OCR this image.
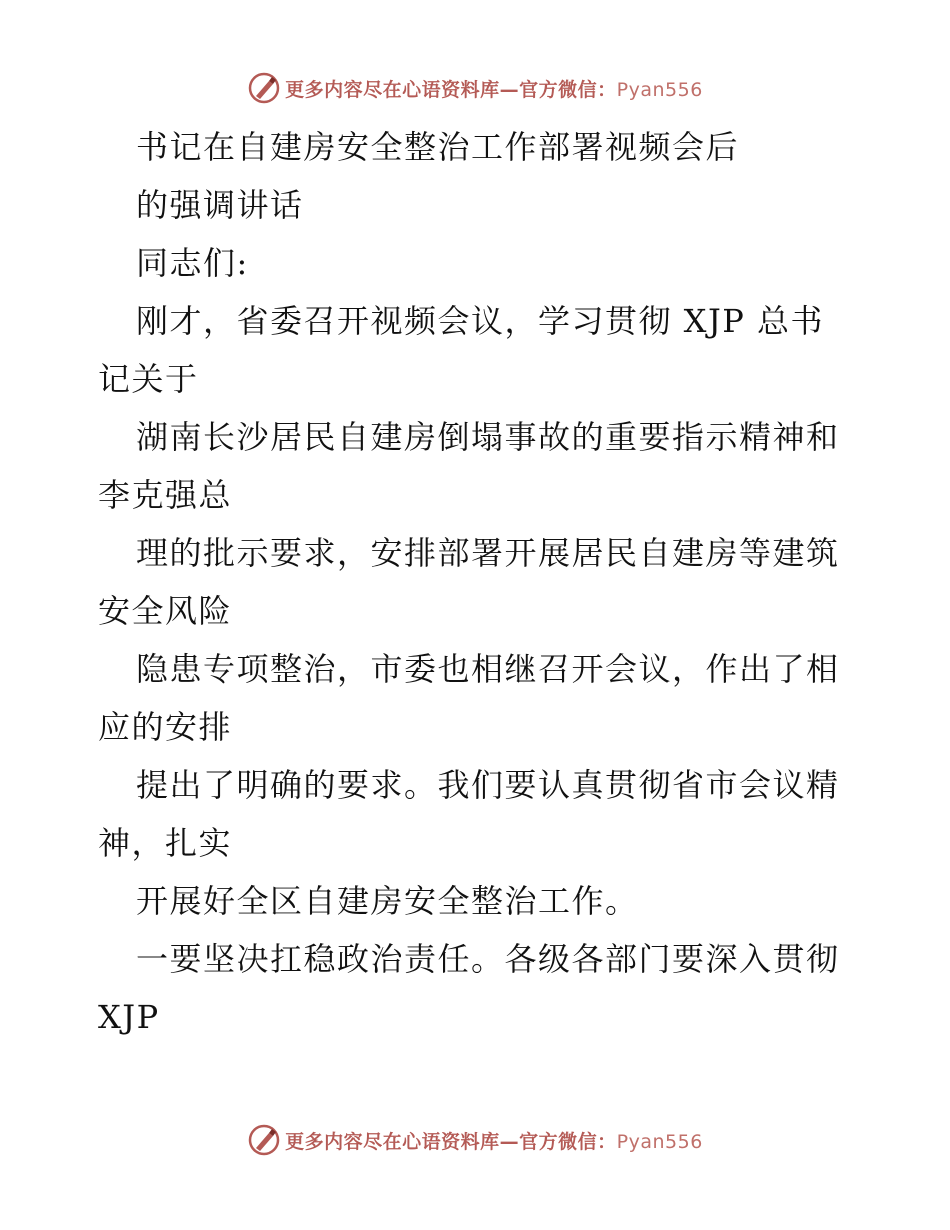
更多内容尽在心语资料库—官方微信：Pyan556
书记在自建房安全整治工作部署视频会后
的强调讲话
同志们:
刚才，省委召开视频会议，学习贯彻 XJP 总书
记关于
湖南长沙居民自建房倒塌事故的重要指示精神和
李克强总
理的批示要求，安排部署开展居民自建房等建筑
安全风险
隐患专项整治，市委也相继召开会议，作出了相
应的安排
提出了明确的要求。我们要认真贯彻省市会议精
神，扎实
开展好全区自建房安全整治工作。
一要坚决扛稳政治责任。各级各部门要深入贯彻
XJP
更多内容尽在心语资料库—官方微信：Pyan556
